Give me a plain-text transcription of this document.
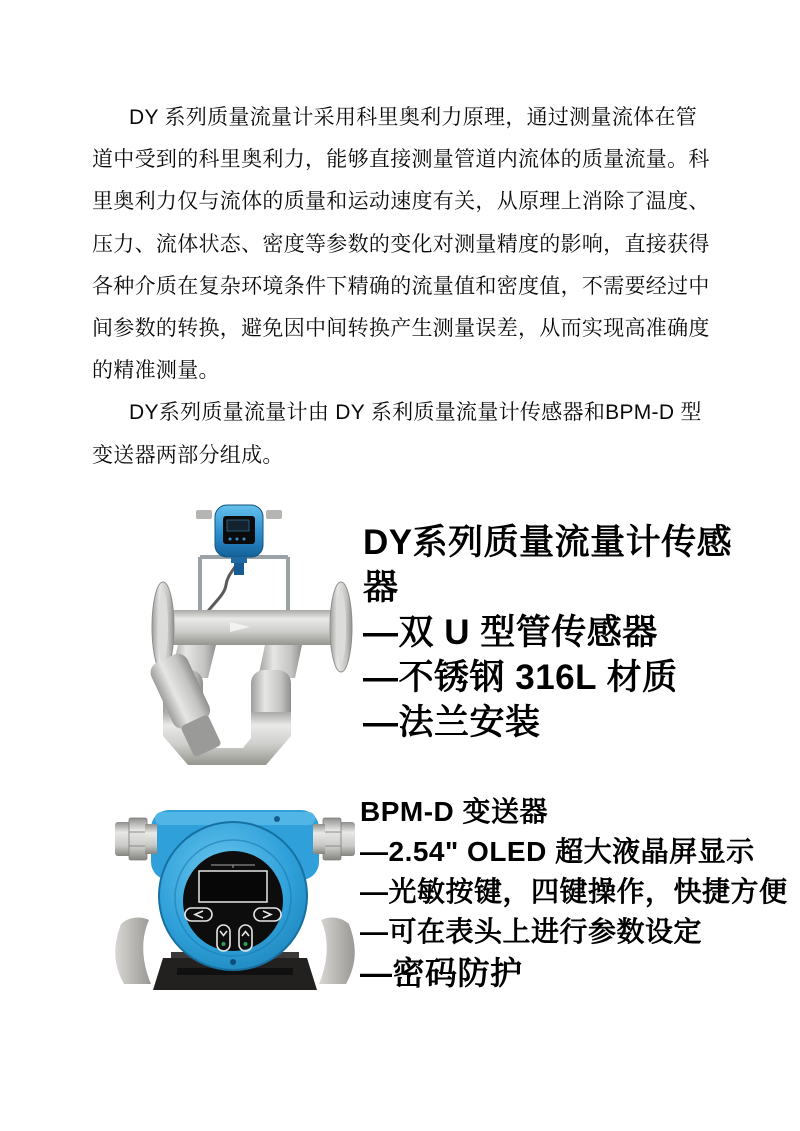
DY 系列质量流量计采用科里奥利力原理，通过测量流体在管
道中受到的科里奥利力，能够直接测量管道内流体的质量流量。科
里奥利力仅与流体的质量和运动速度有关，从原理上消除了温度、
压力、流体状态、密度等参数的变化对测量精度的影响，直接获得
各种介质在复杂环境条件下精确的流量值和密度值，不需要经过中
间参数的转换，避免因中间转换产生测量误差，从而实现高准确度
的精准测量。
DY系列质量流量计由 DY 系利质量流量计传感器和BPM-D 型
变送器两部分组成。
DY系列质量流量计传感
器
—双 U 型管传感器
—不锈钢 316L 材质
—法兰安装
BPM-D 变送器
—2.54" OLED 超大液晶屏显示
—光敏按键，四键操作，快捷方便
—可在表头上进行参数设定
—密码防护
